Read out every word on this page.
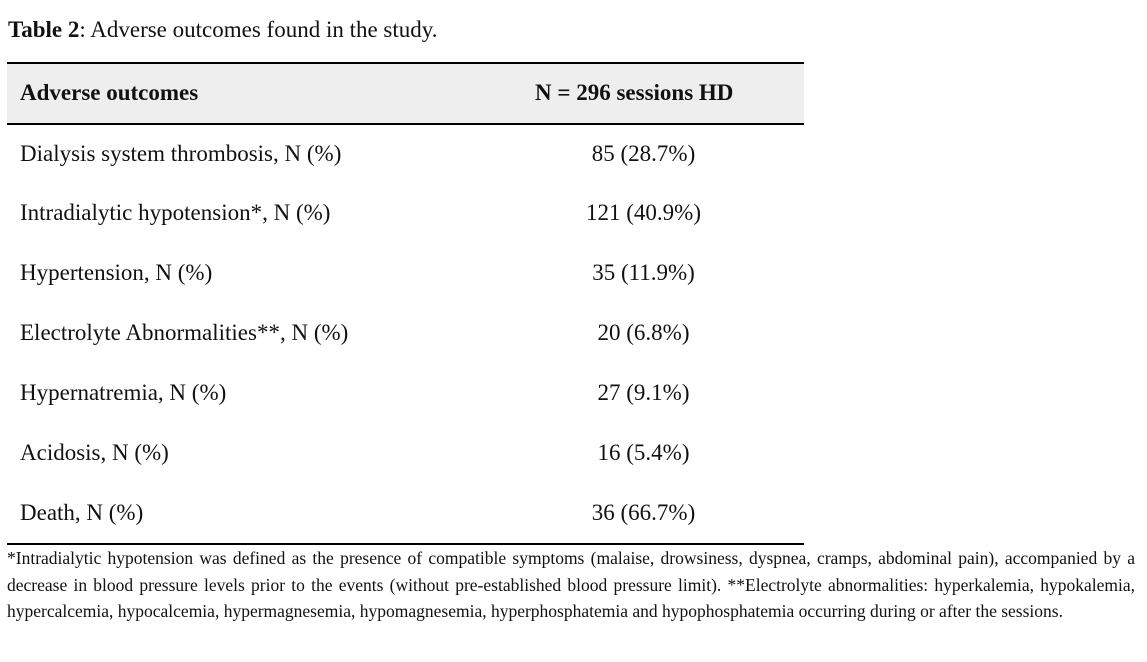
Table 2: Adverse outcomes found in the study.
Adverse outcomes	N = 296 sessions HD
Dialysis system thrombosis, N (%)	85 (28.7%)
Intradialytic hypotension*, N (%)	121 (40.9%)
Hypertension, N (%)	35 (11.9%)
Electrolyte Abnormalities**, N (%)	20 (6.8%)
Hypernatremia, N (%)	27 (9.1%)
Acidosis, N (%)	16 (5.4%)
Death, N (%)	36 (66.7%)
*Intradialytic hypotension was defined as the presence of compatible symptoms (malaise, drowsiness, dyspnea, cramps, abdominal pain), accompanied by a decrease in blood pressure levels prior to the events (without pre-established blood pressure limit). **Electrolyte abnormalities: hyperkalemia, hypokalemia, hypercalcemia, hypocalcemia, hypermagnesemia, hypomagnesemia, hyperphosphatemia and hypophosphatemia occurring during or after the sessions.
